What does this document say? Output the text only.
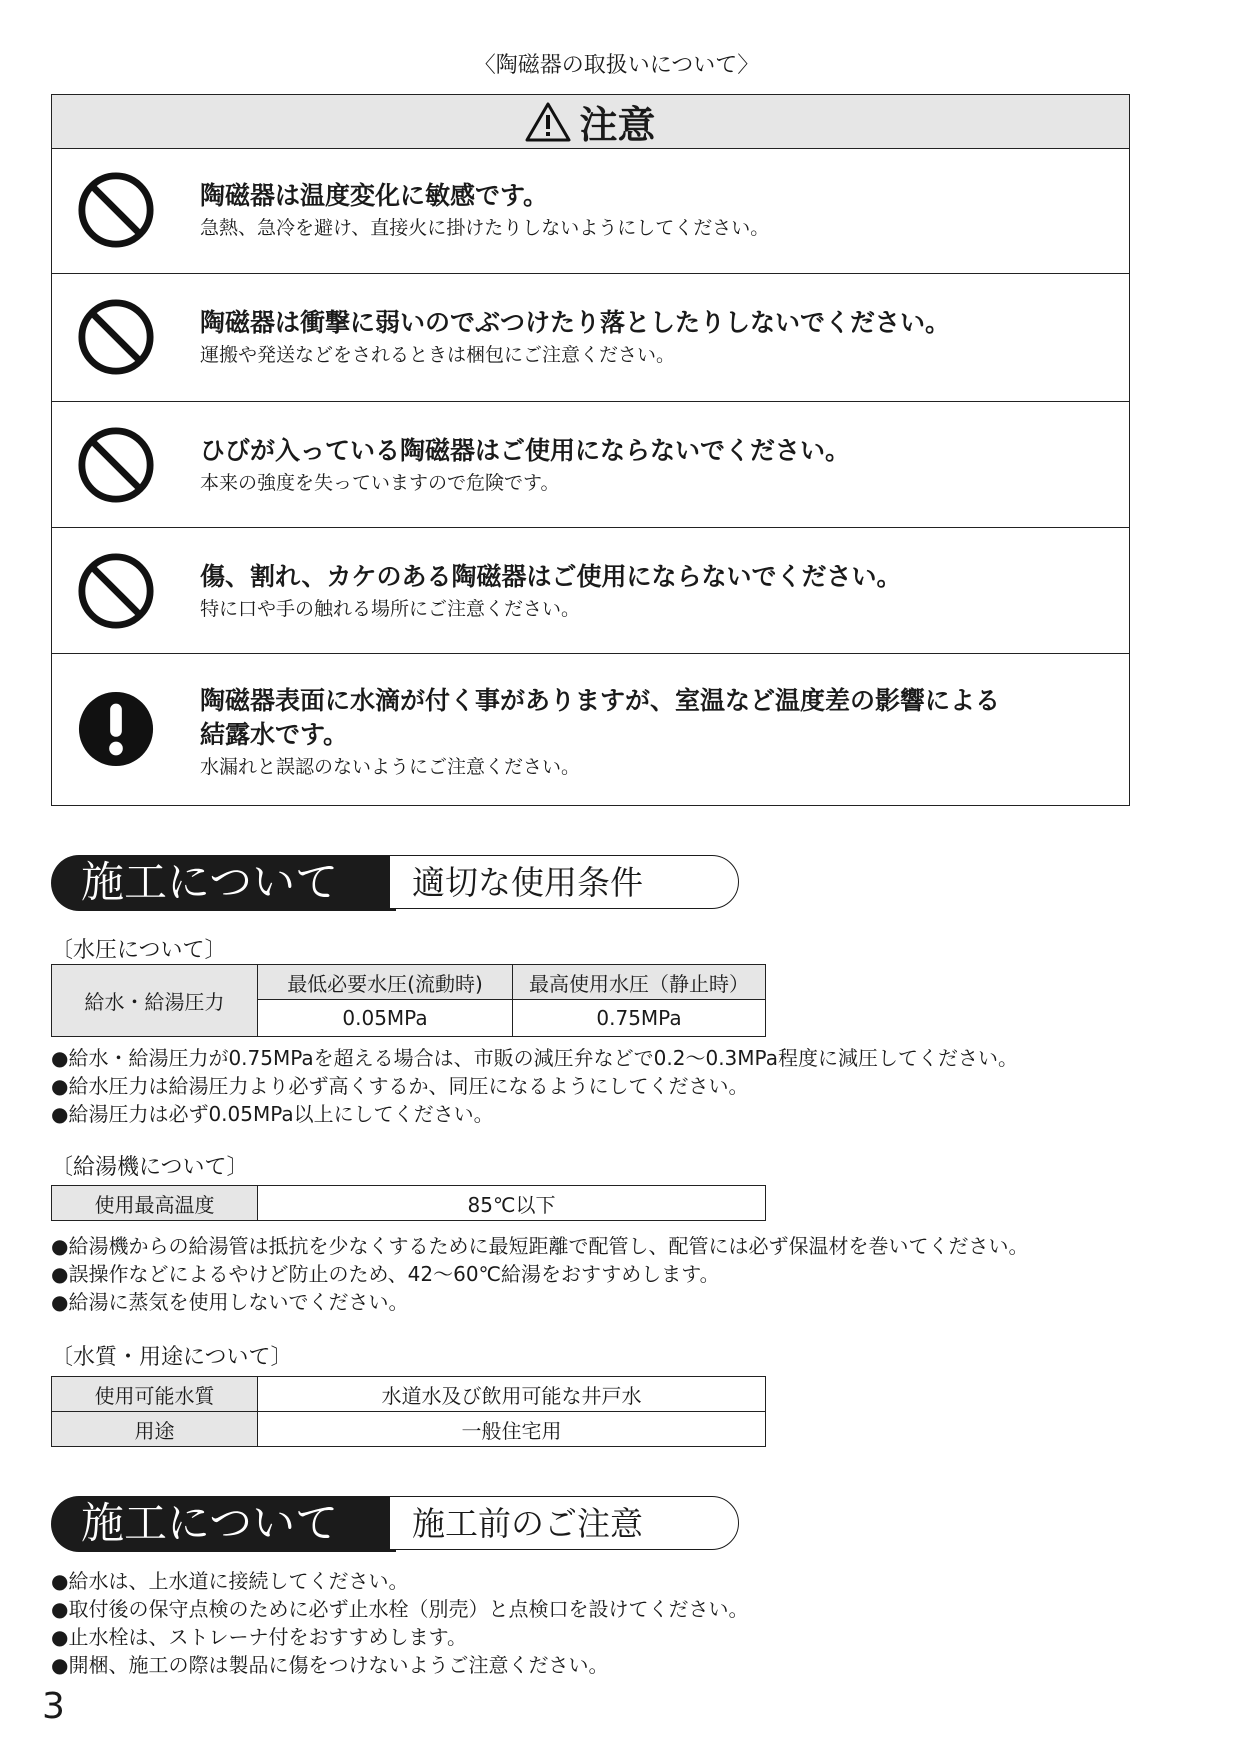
〈陶磁器の取扱いについて〉
注意
陶磁器は温度変化に敏感です。
急熱、急冷を避け、直接火に掛けたりしないようにしてください。
陶磁器は衝撃に弱いのでぶつけたり落としたりしないでください。
運搬や発送などをされるときは梱包にご注意ください。
ひびが入っている陶磁器はご使用にならないでください。
本来の強度を失っていますので危険です。
傷、割れ、カケのある陶磁器はご使用にならないでください。
特に口や手の触れる場所にご注意ください。
陶磁器表面に水滴が付く事がありますが、室温など温度差の影響による
結露水です。
水漏れと誤認のないようにご注意ください。
施工について	適切な使用条件
〔水圧について〕
給水・給湯圧力	最低必要水圧(流動時)	最高使用水圧（静止時）
	0.05MPa	0.75MPa
● 給水・給湯圧力が0.75MPaを超える場合は、市販の減圧弁などで0.2～0.3MPa程度に減圧してください。
● 給水圧力は給湯圧力より必ず高くするか、同圧になるようにしてください。
● 給湯圧力は必ず0.05MPa以上にしてください。
〔給湯機について〕
使用最高温度	85℃以下
● 給湯機からの給湯管は抵抗を少なくするために最短距離で配管し、配管には必ず保温材を巻いてください。
● 誤操作などによるやけど防止のため、42～60℃給湯をおすすめします。
● 給湯に蒸気を使用しないでください。
〔水質・用途について〕
使用可能水質	水道水及び飲用可能な井戸水
用途	一般住宅用
施工について	施工前のご注意
● 給水は、上水道に接続してください。
● 取付後の保守点検のために必ず止水栓（別売）と点検口を設けてください。
● 止水栓は、ストレーナ付をおすすめします。
● 開梱、施工の際は製品に傷をつけないようご注意ください。
3
